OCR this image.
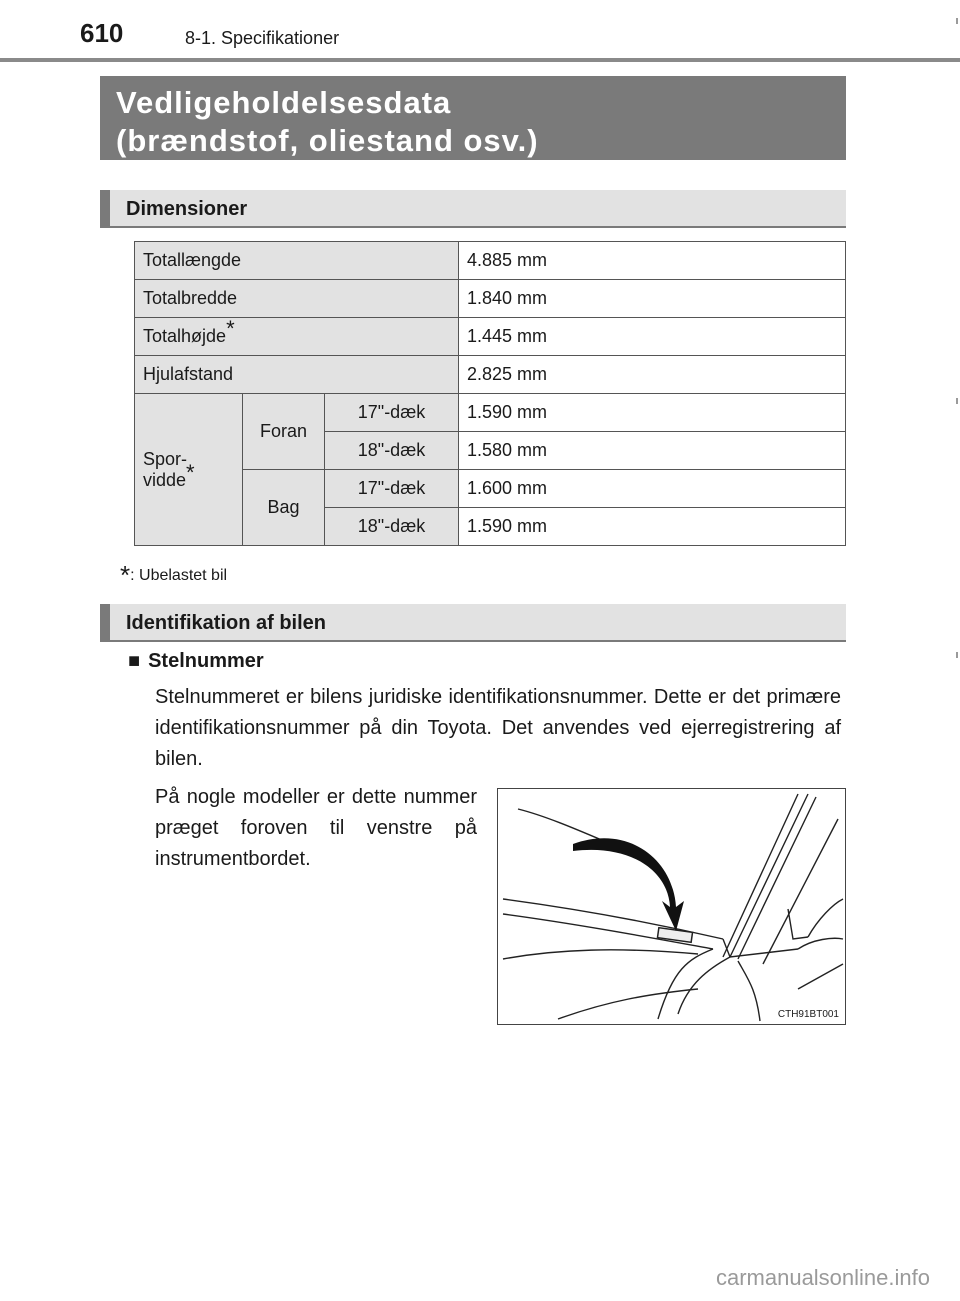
610	8-1. Specifikationer
Vedligeholdelsesdata
(brændstof, oliestand osv.)
Dimensioner
Totallængde			4.885 mm
Totalbredde			1.840 mm
Totalhøjde*			1.445 mm
Hjulafstand			2.825 mm
Spor-
vidde*	Foran	17"-dæk	1.590 mm
		18"-dæk	1.580 mm
	Bag	17"-dæk	1.600 mm
		18"-dæk	1.590 mm
*: Ubelastet bil
Identifikation af bilen
■ Stelnummer
Stelnummeret er bilens juridiske identifikationsnummer. Dette er det primære identifikationsnummer på din Toyota. Det anvendes ved ejerregistrering af bilen.
På nogle modeller er dette nummer præget foroven til venstre på instrumentbordet.
CTH91BT001
carmanualsonline.info
